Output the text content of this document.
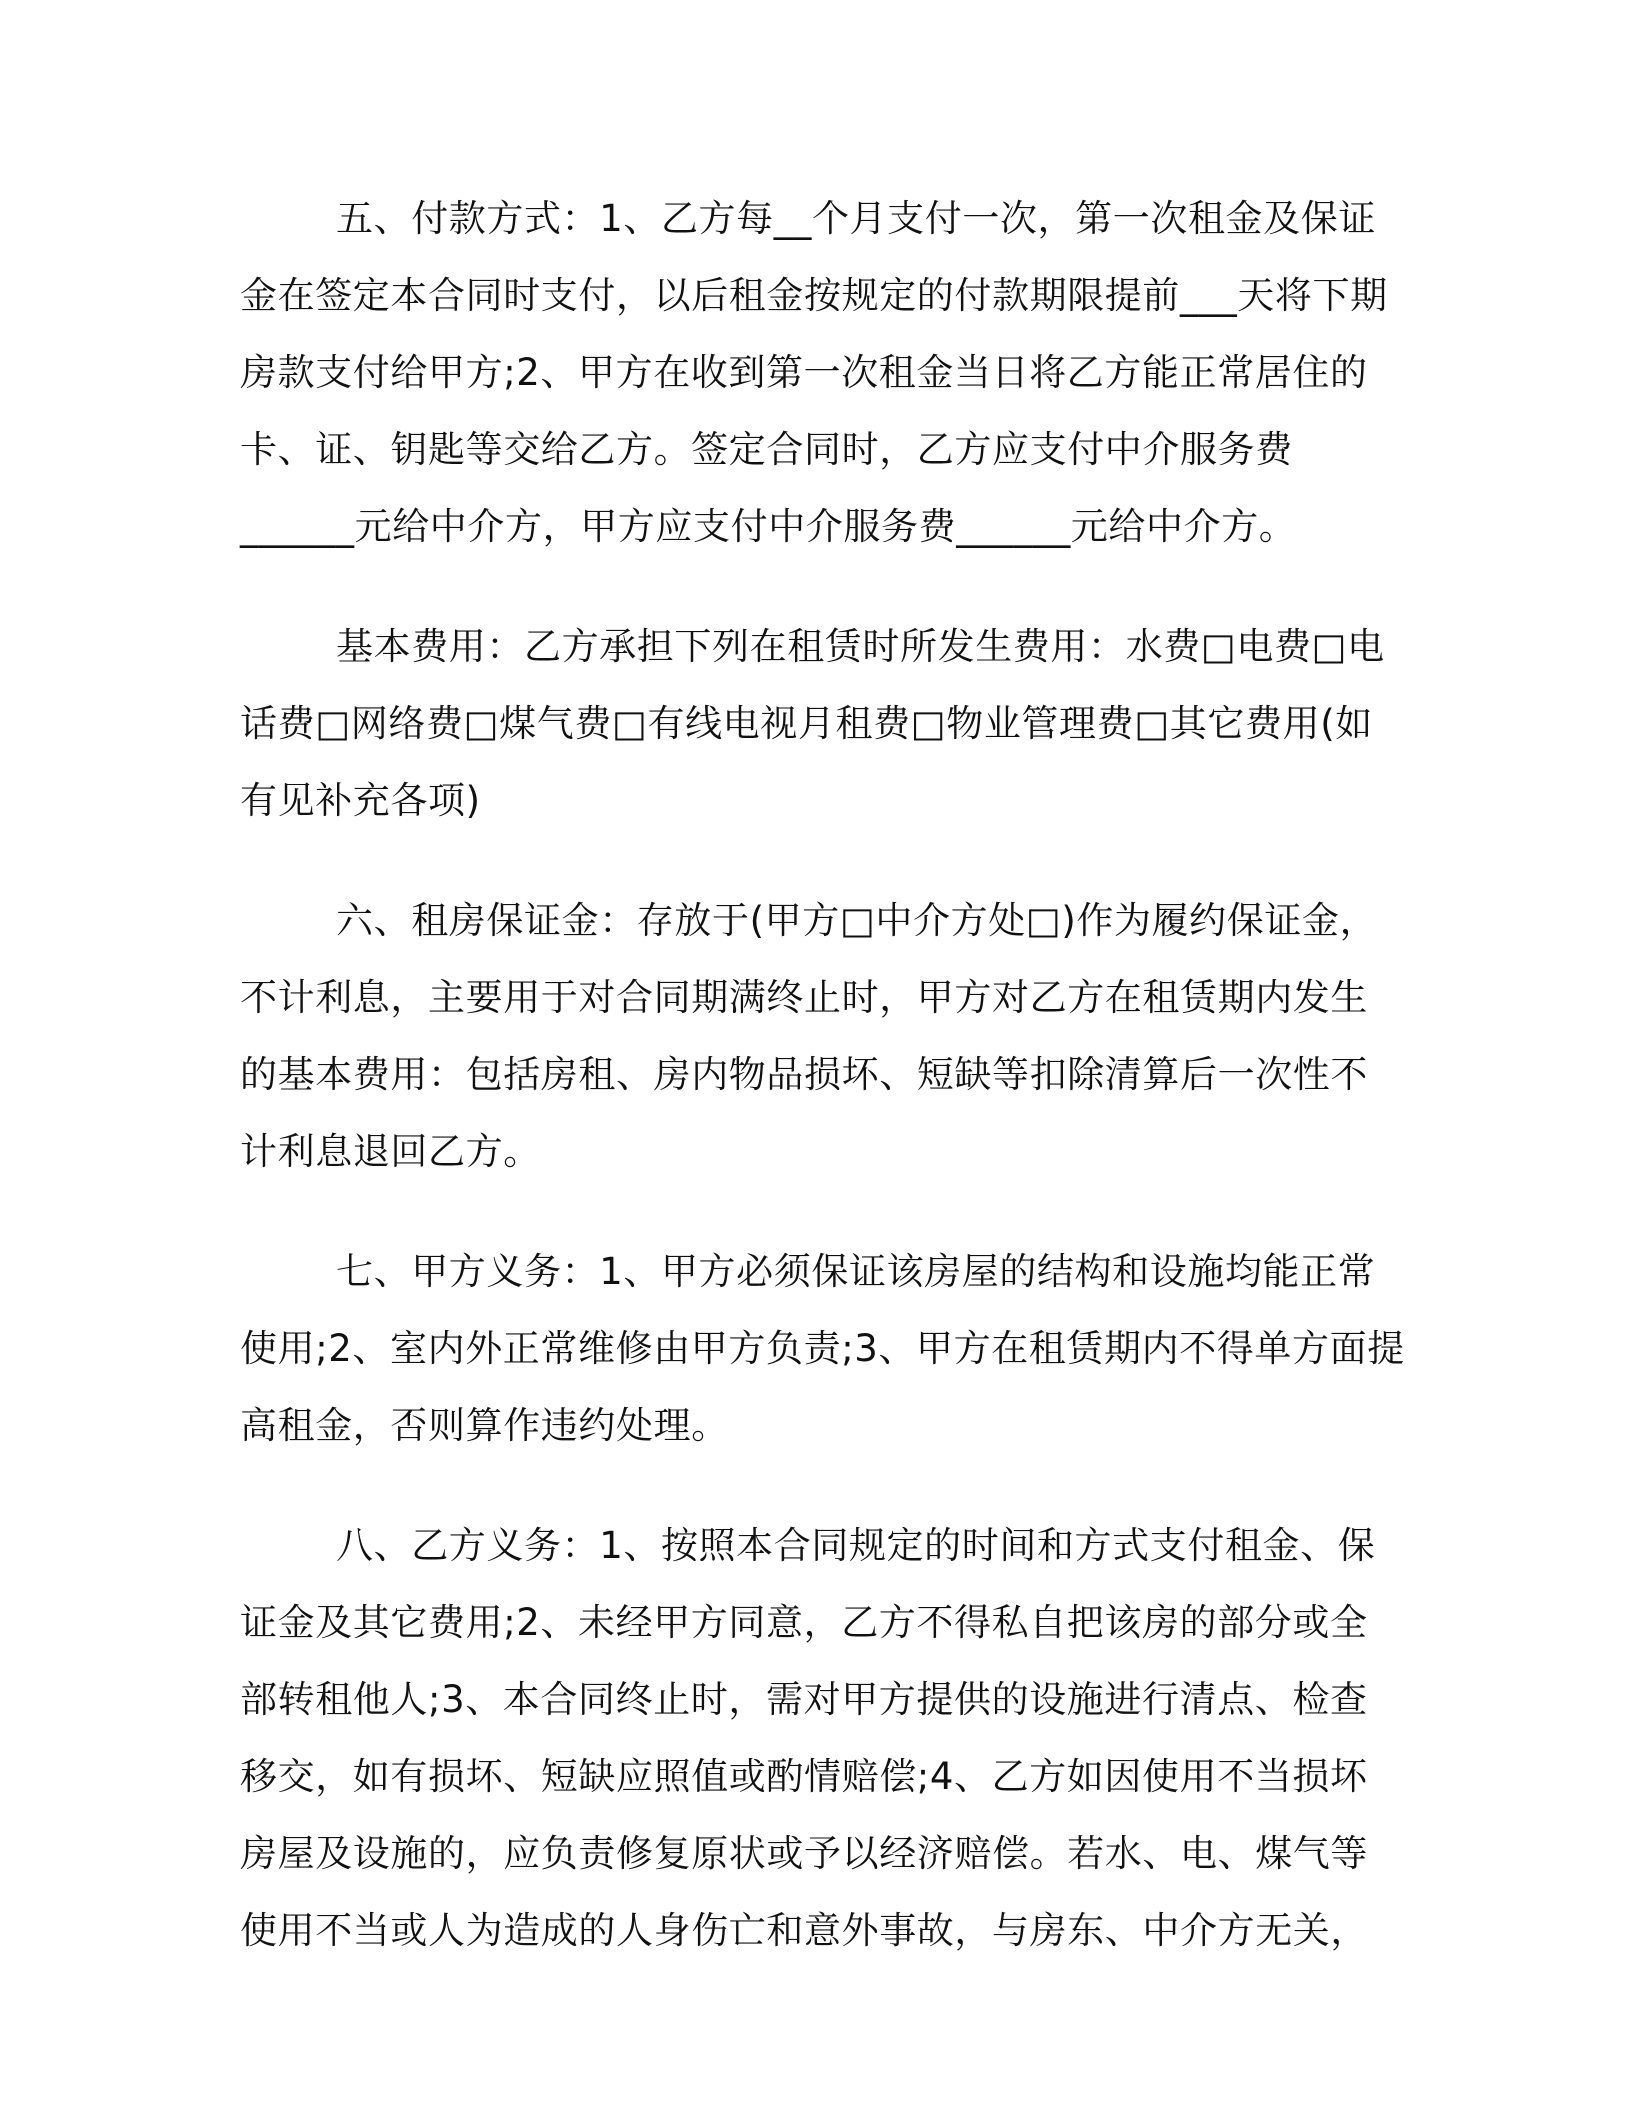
五、付款方式：1、乙方每__个月支付一次，第一次租金及保证
金在签定本合同时支付，以后租金按规定的付款期限提前___天将下期
房款支付给甲方;2、甲方在收到第一次租金当日将乙方能正常居住的
卡、证、钥匙等交给乙方。签定合同时，乙方应支付中介服务费
______元给中介方，甲方应支付中介服务费______元给中介方。

基本费用：乙方承担下列在租赁时所发生费用：水费□电费□电
话费□网络费□煤气费□有线电视月租费□物业管理费□其它费用(如
有见补充各项)

六、租房保证金：存放于(甲方□中介方处□)作为履约保证金，
不计利息，主要用于对合同期满终止时，甲方对乙方在租赁期内发生
的基本费用：包括房租、房内物品损坏、短缺等扣除清算后一次性不
计利息退回乙方。

七、甲方义务：1、甲方必须保证该房屋的结构和设施均能正常
使用;2、室内外正常维修由甲方负责;3、甲方在租赁期内不得单方面提
高租金，否则算作违约处理。

八、乙方义务：1、按照本合同规定的时间和方式支付租金、保
证金及其它费用;2、未经甲方同意，乙方不得私自把该房的部分或全
部转租他人;3、本合同终止时，需对甲方提供的设施进行清点、检查
移交，如有损坏、短缺应照值或酌情赔偿;4、乙方如因使用不当损坏
房屋及设施的，应负责修复原状或予以经济赔偿。若水、电、煤气等
使用不当或人为造成的人身伤亡和意外事故，与房东、中介方无关，
